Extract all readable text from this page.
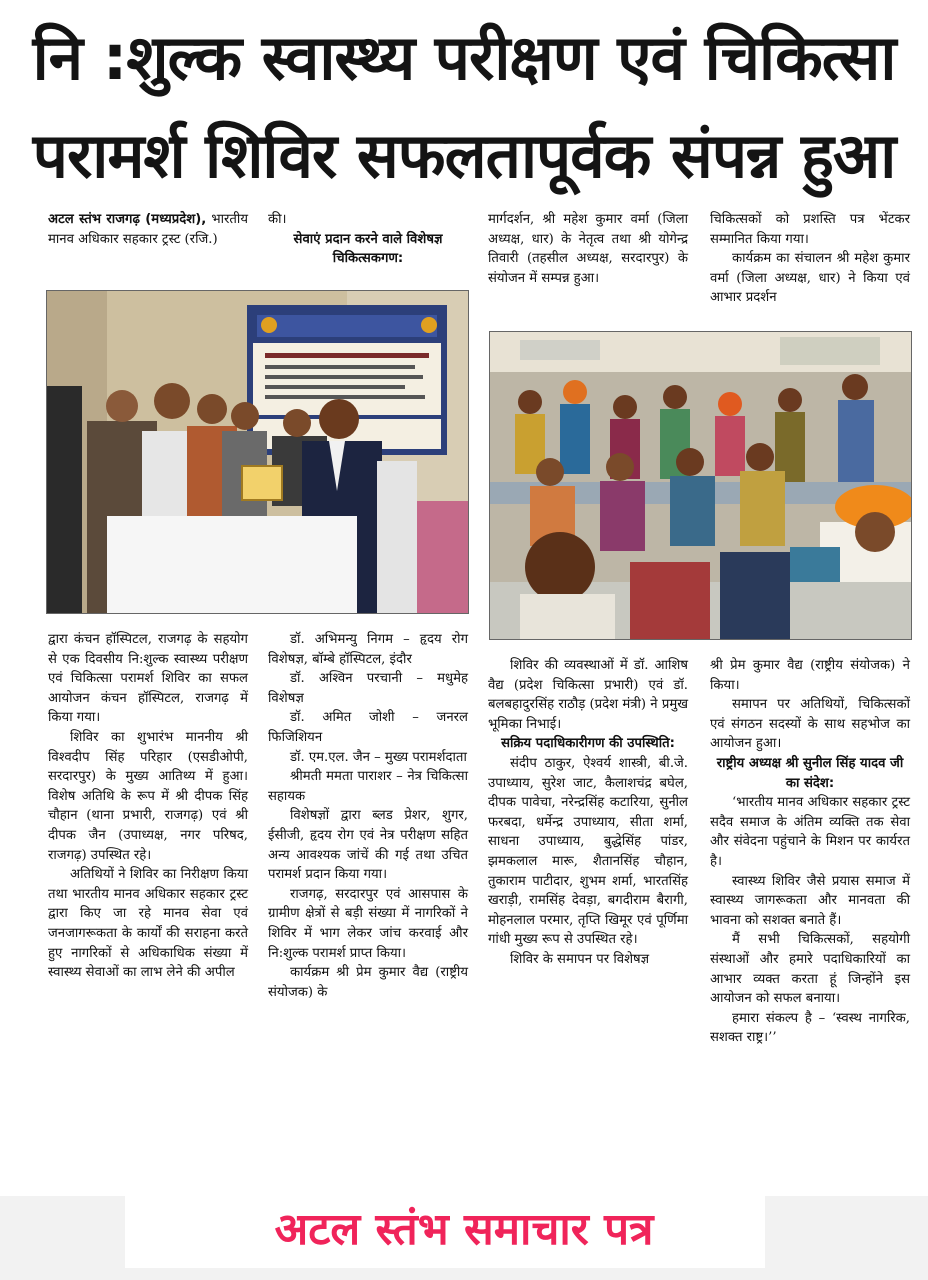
नि :शुल्क स्वास्थ्य परीक्षण एवं चिकित्सा
परामर्श शिविर सफलतापूर्वक संपन्न हुआ

अटल स्तंभ राजगढ़ (मध्यप्रदेश), भारतीय मानव अधिकार सहकार ट्रस्ट (रजि.)

की।

सेवाएं प्रदान करने वाले विशेषज्ञ चिकित्सकगण:

मार्गदर्शन, श्री महेश कुमार वर्मा (जिला अध्यक्ष, धार) के नेतृत्व तथा श्री योगेन्द्र तिवारी (तहसील अध्यक्ष, सरदारपुर) के संयोजन में सम्पन्न हुआ।

चिकित्सकों को प्रशस्ति पत्र भेंटकर सम्मानित किया गया।

कार्यक्रम का संचालन श्री महेश कुमार वर्मा (जिला अध्यक्ष, धार) ने किया एवं आभार प्रदर्शन

द्वारा कंचन हॉस्पिटल, राजगढ़ के सहयोग से एक दिवसीय नि:शुल्क स्वास्थ्य परीक्षण एवं चिकित्सा परामर्श शिविर का सफल आयोजन कंचन हॉस्पिटल, राजगढ़ में किया गया।

शिविर का शुभारंभ माननीय श्री विश्वदीप सिंह परिहार (एसडीओपी, सरदारपुर) के मुख्य आतिथ्य में हुआ। विशेष अतिथि के रूप में श्री दीपक सिंह चौहान (थाना प्रभारी, राजगढ़) एवं श्री दीपक जैन (उपाध्यक्ष, नगर परिषद, राजगढ़) उपस्थित रहे।

अतिथियों ने शिविर का निरीक्षण किया तथा भारतीय मानव अधिकार सहकार ट्रस्ट द्वारा किए जा रहे मानव सेवा एवं जनजागरूकता के कार्यों की सराहना करते हुए नागरिकों से अधिकाधिक संख्या में स्वास्थ्य सेवाओं का लाभ लेने की अपील

डॉ. अभिमन्यु निगम – हृदय रोग विशेषज्ञ, बॉम्बे हॉस्पिटल, इंदौर

डॉ. अश्विन परचानी – मधुमेह विशेषज्ञ

डॉ. अमित जोशी – जनरल फिजिशियन

डॉ. एम.एल. जैन – मुख्य परामर्शदाता

श्रीमती ममता पाराशर – नेत्र चिकित्सा सहायक

विशेषज्ञों द्वारा ब्लड प्रेशर, शुगर, ईसीजी, हृदय रोग एवं नेत्र परीक्षण सहित अन्य आवश्यक जांचें की गई तथा उचित परामर्श प्रदान किया गया।

राजगढ़, सरदारपुर एवं आसपास के ग्रामीण क्षेत्रों से बड़ी संख्या में नागरिकों ने शिविर में भाग लेकर जांच करवाई और नि:शुल्क परामर्श प्राप्त किया।

कार्यक्रम श्री प्रेम कुमार वैद्य (राष्ट्रीय संयोजक) के

शिविर की व्यवस्थाओं में डॉ. आशिष वैद्य (प्रदेश चिकित्सा प्रभारी) एवं डॉ. बलबहादुरसिंह राठौड़ (प्रदेश मंत्री) ने प्रमुख भूमिका निभाई।

सक्रिय पदाधिकारीगण की उपस्थिति:

संदीप ठाकुर, ऐश्वर्य शास्त्री, बी.जे. उपाध्याय, सुरेश जाट, कैलाशचंद्र बघेल, दीपक पावेचा, नरेन्द्रसिंह कटारिया, सुनील फरबदा, धर्मेन्द्र उपाध्याय, सीता शर्मा, साधना उपाध्याय, बुद्धेसिंह पांडर, झमकलाल मारू, शैतानसिंह चौहान, तुकाराम पाटीदार, शुभम शर्मा, भारतसिंह खराड़ी, रामसिंह देवड़ा, बगदीराम बैरागी, मोहनलाल परमार, तृप्ति खिमूर एवं पूर्णिमा गांधी मुख्य रूप से उपस्थित रहे।

शिविर के समापन पर विशेषज्ञ

श्री प्रेम कुमार वैद्य (राष्ट्रीय संयोजक) ने किया।

समापन पर अतिथियों, चिकित्सकों एवं संगठन सदस्यों के साथ सहभोज का आयोजन हुआ।

राष्ट्रीय अध्यक्ष श्री सुनील सिंह यादव जी का संदेश:

‘भारतीय मानव अधिकार सहकार ट्रस्ट सदैव समाज के अंतिम व्यक्ति तक सेवा और संवेदना पहुंचाने के मिशन पर कार्यरत है।

स्वास्थ्य शिविर जैसे प्रयास समाज में स्वास्थ्य जागरूकता और मानवता की भावना को सशक्त बनाते हैं।

मैं सभी चिकित्सकों, सहयोगी संस्थाओं और हमारे पदाधिकारियों का आभार व्यक्त करता हूं जिन्होंने इस आयोजन को सफल बनाया।

हमारा संकल्प है – ‘स्वस्थ नागरिक, सशक्त राष्ट्र।’’

अटल स्तंभ समाचार पत्र
